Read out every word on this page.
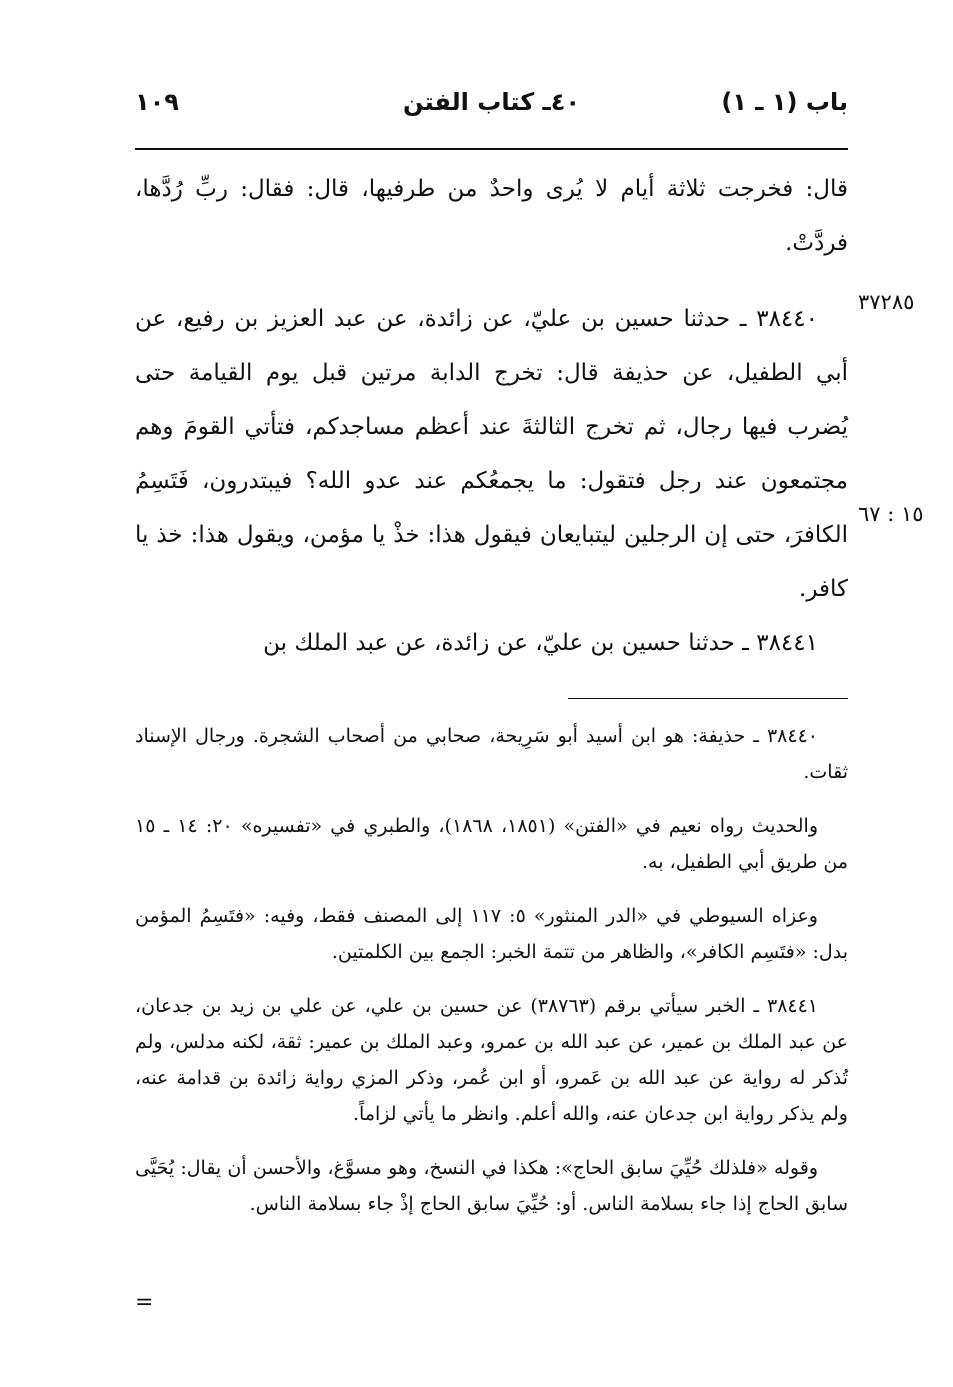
باب (١ ـ ١)
٤٠ـ كتاب الفتن
١٠٩
قال: فخرجت ثلاثة أيام لا يُرى واحدٌ من طرفيها، قال: فقال: ربِّ رُدَّها، فردَّتْ.
٣٧٢٨٥
٣٨٤٤٠ ـ حدثنا حسين بن عليّ، عن زائدة، عن عبد العزيز بن رفيع، عن أبي الطفيل، عن حذيفة قال: تخرج الدابة مرتين قبل يوم القيامة حتى يُضرب فيها رجال، ثم تخرج الثالثةَ عند أعظم مساجدكم، فتأتي القومَ وهم مجتمعون عند رجل فتقول: ما يجمعُكم عند عدو الله؟ فيبتدرون، فَتَسِمُ الكافرَ، حتى إن الرجلين ليتبايعان فيقول هذا: خذْ يا مؤمن، ويقول هذا: خذ يا كافر.
١٥ : ٦٧
٣٨٤٤١ ـ حدثنا حسين بن عليّ، عن زائدة، عن عبد الملك بن
٣٨٤٤٠ ـ حذيفة: هو ابن أسيد أبو سَرِيحة، صحابي من أصحاب الشجرة. ورجال الإسناد ثقات.
والحديث رواه نعيم في «الفتن» (١٨٥١، ١٨٦٨)، والطبري في «تفسيره» ٢٠: ١٤ ـ ١٥ من طريق أبي الطفيل، به.
وعزاه السيوطي في «الدر المنثور» ٥: ١١٧ إلى المصنف فقط، وفيه: «فتَسِمُ المؤمن بدل: «فتَسِم الكافر»، والظاهر من تتمة الخبر: الجمع بين الكلمتين.
٣٨٤٤١ ـ الخبر سيأتي برقم (٣٨٧٦٣) عن حسين بن علي، عن علي بن زيد بن جدعان، عن عبد الملك بن عمير، عن عبد الله بن عمرو، وعبد الملك بن عمير: ثقة، لكنه مدلس، ولم تُذكر له رواية عن عبد الله بن عَمرو، أو ابن عُمر، وذكر المزي رواية زائدة بن قدامة عنه، ولم يذكر رواية ابن جدعان عنه، والله أعلم. وانظر ما يأتي لزاماً.
وقوله «فلذلك حُيِّيَ سابق الحاج»: هكذا في النسخ، وهو مسوَّغ، والأحسن أن يقال: يُحَيَّى سابق الحاج إذا جاء بسلامة الناس. أو: حُيِّيَ سابق الحاج إذْ جاء بسلامة الناس.
=
